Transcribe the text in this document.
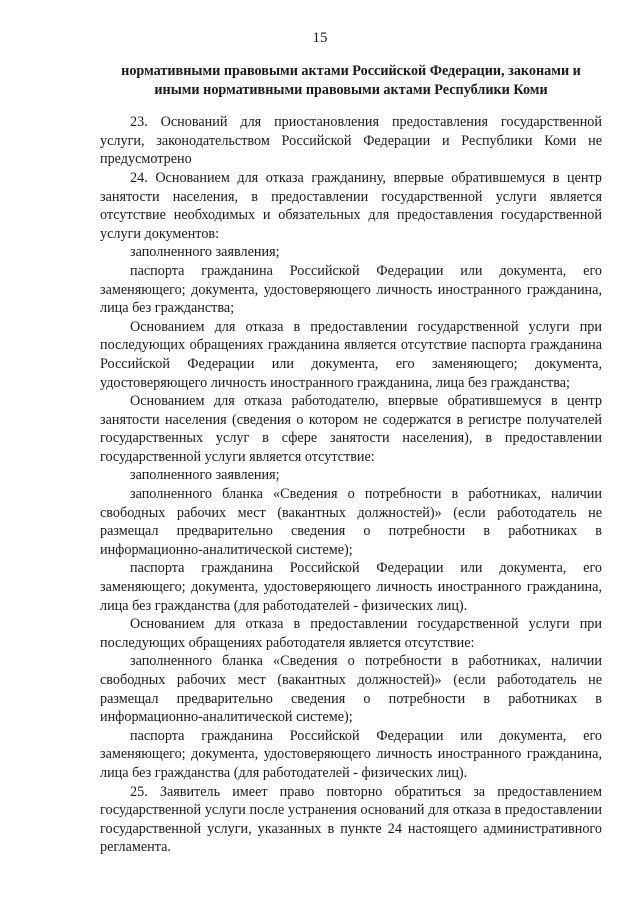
15
нормативными правовыми актами Российской Федерации, законами и иными нормативными правовыми актами Республики Коми
23. Оснований для приостановления предоставления государственной услуги, законодательством Российской Федерации и Республики Коми не предусмотрено
24. Основанием для отказа гражданину, впервые обратившемуся в центр занятости населения, в предоставлении государственной услуги является отсутствие необходимых и обязательных для предоставления государственной услуги документов:
заполненного заявления;
паспорта гражданина Российской Федерации или документа, его заменяющего; документа, удостоверяющего личность иностранного гражданина, лица без гражданства;
Основанием для отказа в предоставлении государственной услуги при последующих обращениях гражданина является отсутствие паспорта гражданина Российской Федерации или документа, его заменяющего; документа, удостоверяющего личность иностранного гражданина, лица без гражданства;
Основанием для отказа работодателю, впервые обратившемуся в центр занятости населения (сведения о котором не содержатся в регистре получателей государственных услуг в сфере занятости населения), в предоставлении государственной услуги является отсутствие:
заполненного заявления;
заполненного бланка «Сведения о потребности в работниках, наличии свободных рабочих мест (вакантных должностей)» (если работодатель не размещал предварительно сведения о потребности в работниках в информационно-аналитической системе);
паспорта гражданина Российской Федерации или документа, его заменяющего; документа, удостоверяющего личность иностранного гражданина, лица без гражданства (для работодателей - физических лиц).
Основанием для отказа в предоставлении государственной услуги при последующих обращениях работодателя является отсутствие:
заполненного бланка «Сведения о потребности в работниках, наличии свободных рабочих мест (вакантных должностей)» (если работодатель не размещал предварительно сведения о потребности в работниках в информационно-аналитической системе);
паспорта гражданина Российской Федерации или документа, его заменяющего; документа, удостоверяющего личность иностранного гражданина, лица без гражданства (для работодателей - физических лиц).
25. Заявитель имеет право повторно обратиться за предоставлением государственной услуги после устранения оснований для отказа в предоставлении государственной услуги, указанных в пункте 24 настоящего административного регламента.
